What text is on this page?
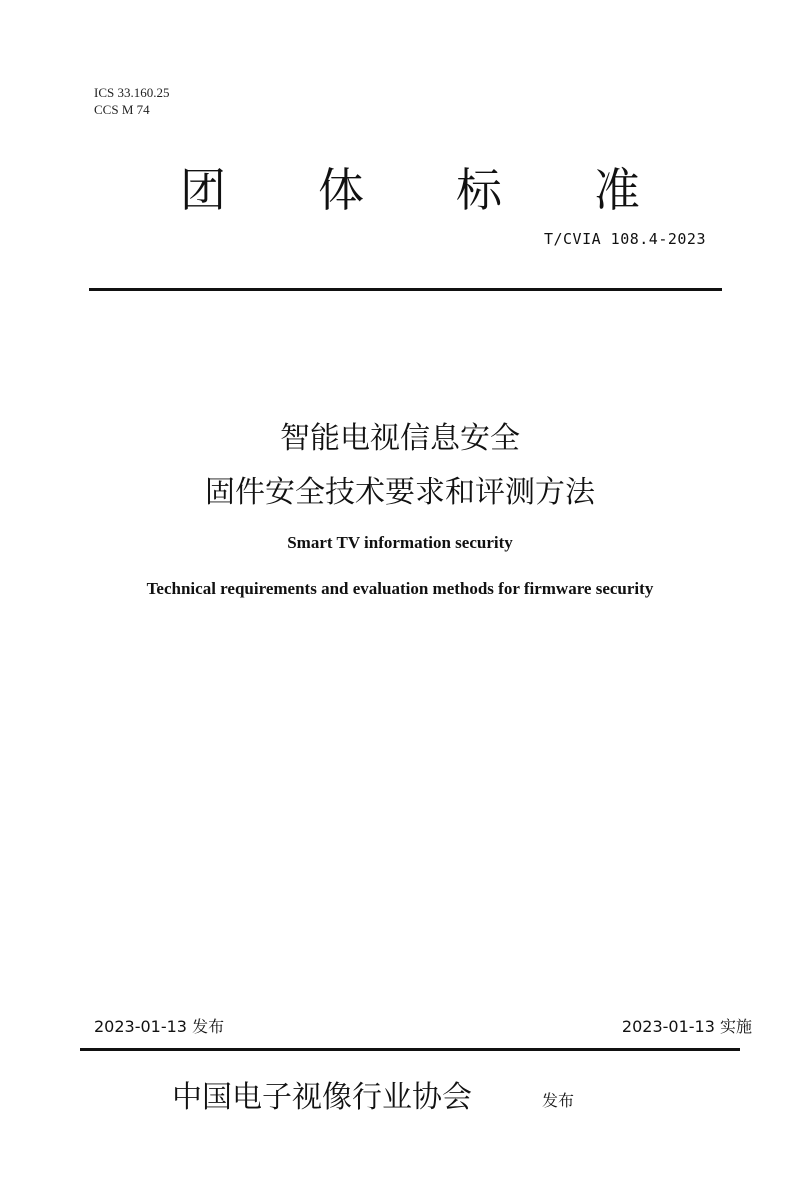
ICS 33.160.25
CCS M 74
团 体 标 准
T/CVIA 108.4-2023
智能电视信息安全
固件安全技术要求和评测方法
Smart TV information security
Technical requirements and evaluation methods for firmware security
2023-01-13 发布	2023-01-13 实施
中国电子视像行业协会	发布
